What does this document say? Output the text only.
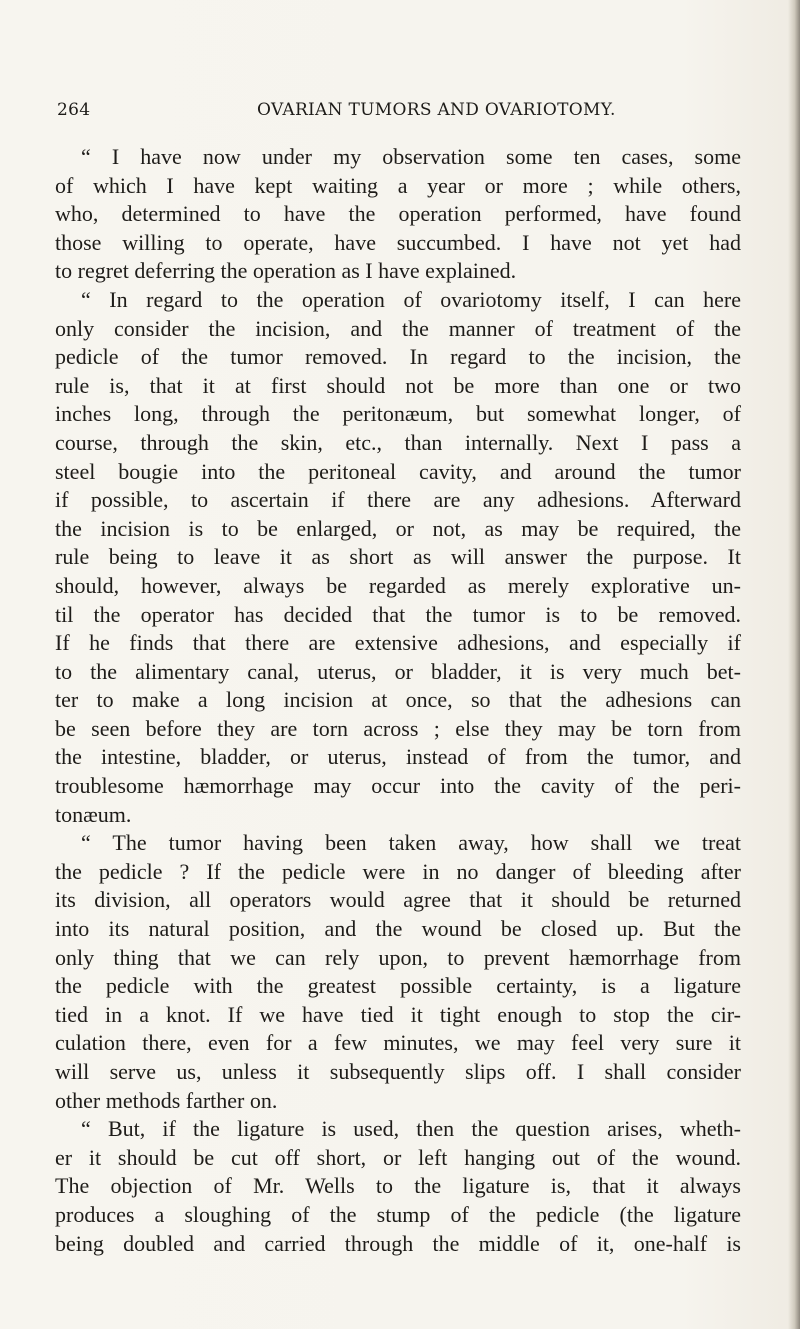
264	OVARIAN TUMORS AND OVARIOTOMY.
“ I have now under my observation some ten cases, some
of which I have kept waiting a year or more ; while others,
who, determined to have the operation performed, have found
those willing to operate, have succumbed. I have not yet had
to regret deferring the operation as I have explained.
“ In regard to the operation of ovariotomy itself, I can here
only consider the incision, and the manner of treatment of the
pedicle of the tumor removed. In regard to the incision, the
rule is, that it at first should not be more than one or two
inches long, through the peritonæum, but somewhat longer, of
course, through the skin, etc., than internally. Next I pass a
steel bougie into the peritoneal cavity, and around the tumor
if possible, to ascertain if there are any adhesions. Afterward
the incision is to be enlarged, or not, as may be required, the
rule being to leave it as short as will answer the purpose. It
should, however, always be regarded as merely explorative un-
til the operator has decided that the tumor is to be removed.
If he finds that there are extensive adhesions, and especially if
to the alimentary canal, uterus, or bladder, it is very much bet-
ter to make a long incision at once, so that the adhesions can
be seen before they are torn across ; else they may be torn from
the intestine, bladder, or uterus, instead of from the tumor, and
troublesome hæmorrhage may occur into the cavity of the peri-
tonæum.
“ The tumor having been taken away, how shall we treat
the pedicle ? If the pedicle were in no danger of bleeding after
its division, all operators would agree that it should be returned
into its natural position, and the wound be closed up. But the
only thing that we can rely upon, to prevent hæmorrhage from
the pedicle with the greatest possible certainty, is a ligature
tied in a knot. If we have tied it tight enough to stop the cir-
culation there, even for a few minutes, we may feel very sure it
will serve us, unless it subsequently slips off. I shall consider
other methods farther on.
“ But, if the ligature is used, then the question arises, wheth-
er it should be cut off short, or left hanging out of the wound.
The objection of Mr. Wells to the ligature is, that it always
produces a sloughing of the stump of the pedicle (the ligature
being doubled and carried through the middle of it, one-half is
